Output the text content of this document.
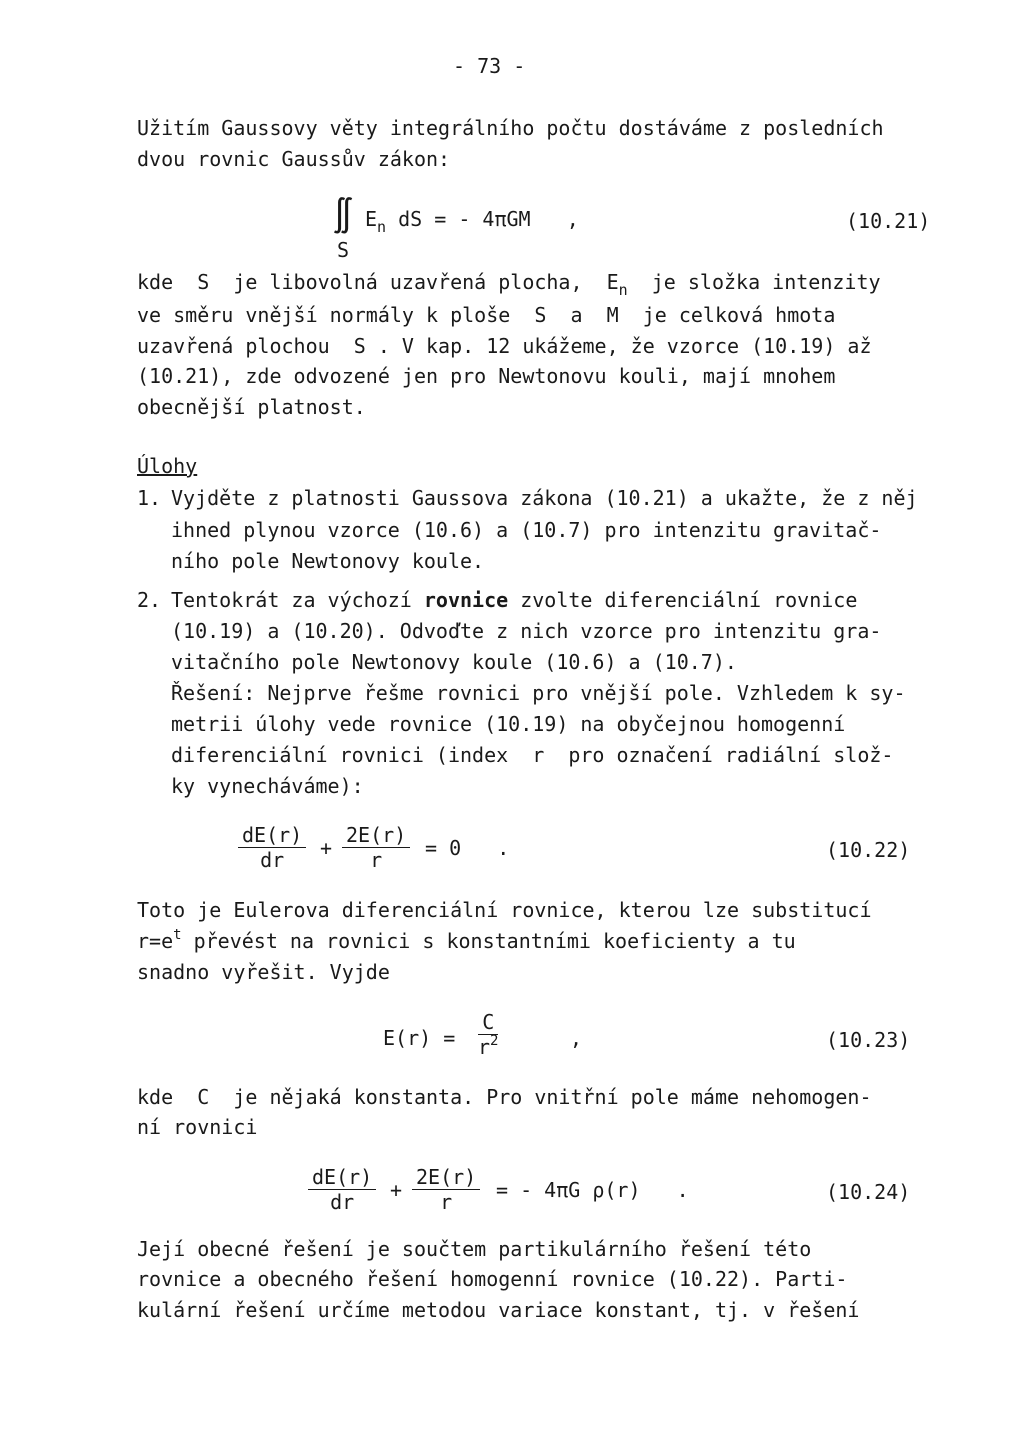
- 73 -
Užitím Gaussovy věty integrálního počtu dostáváme z posledních
dvou rovnic Gaussův zákon:
∬
S
$E_n$ dS = - 4πGM   ,	(10.21)
kde  S  je libovolná uzavřená plocha,  $E_n$  je složka intenzity
ve směru vnější normály k ploše  S  a  M  je celková hmota
uzavřená plochou  S . V kap. 12 ukážeme, že vzorce (10.19) až
(10.21), zde odvozené jen pro Newtonovu kouli, mají mnohem
obecnější platnost.
Úlohy
1. Vyjděte z platnosti Gaussova zákona (10.21) a ukažte, že z něj
ihned plynou vzorce (10.6) a (10.7) pro intenzitu gravitač-
ního pole Newtonovy koule.
2. Tentokrát za výchozí rovnice zvolte diferenciální rovnice
(10.19) a (10.20). Odvoďte z nich vzorce pro intenzitu gra-
vitačního pole Newtonovy koule (10.6) a (10.7).
Řešení: Nejprve řešme rovnici pro vnější pole. Vzhledem k sy-
metrii úlohy vede rovnice (10.19) na obyčejnou homogenní
diferenciální rovnici (index  r  pro označení radiální slož-
ky vynecháváme):
$\frac{dE(r)}{dr} + \frac{2E(r)}{r} = 0$   .	(10.22)
Toto je Eulerova diferenciální rovnice, kterou lze substitucí
$r=e^t$ převést na rovnici s konstantními koeficienty a tu
snadno vyřešit. Vyjde
$E(r) = \frac{C}{r^2}$	,	(10.23)
kde  C  je nějaká konstanta. Pro vnitřní pole máme nehomogen-
ní rovnici
$\frac{dE(r)}{dr} + \frac{2E(r)}{r}$ = - 4πG ρ(r)   .	(10.24)
Její obecné řešení je součtem partikulárního řešení této
rovnice a obecného řešení homogenní rovnice (10.22). Parti-
kulární řešení určíme metodou variace konstant, tj. v řešení
